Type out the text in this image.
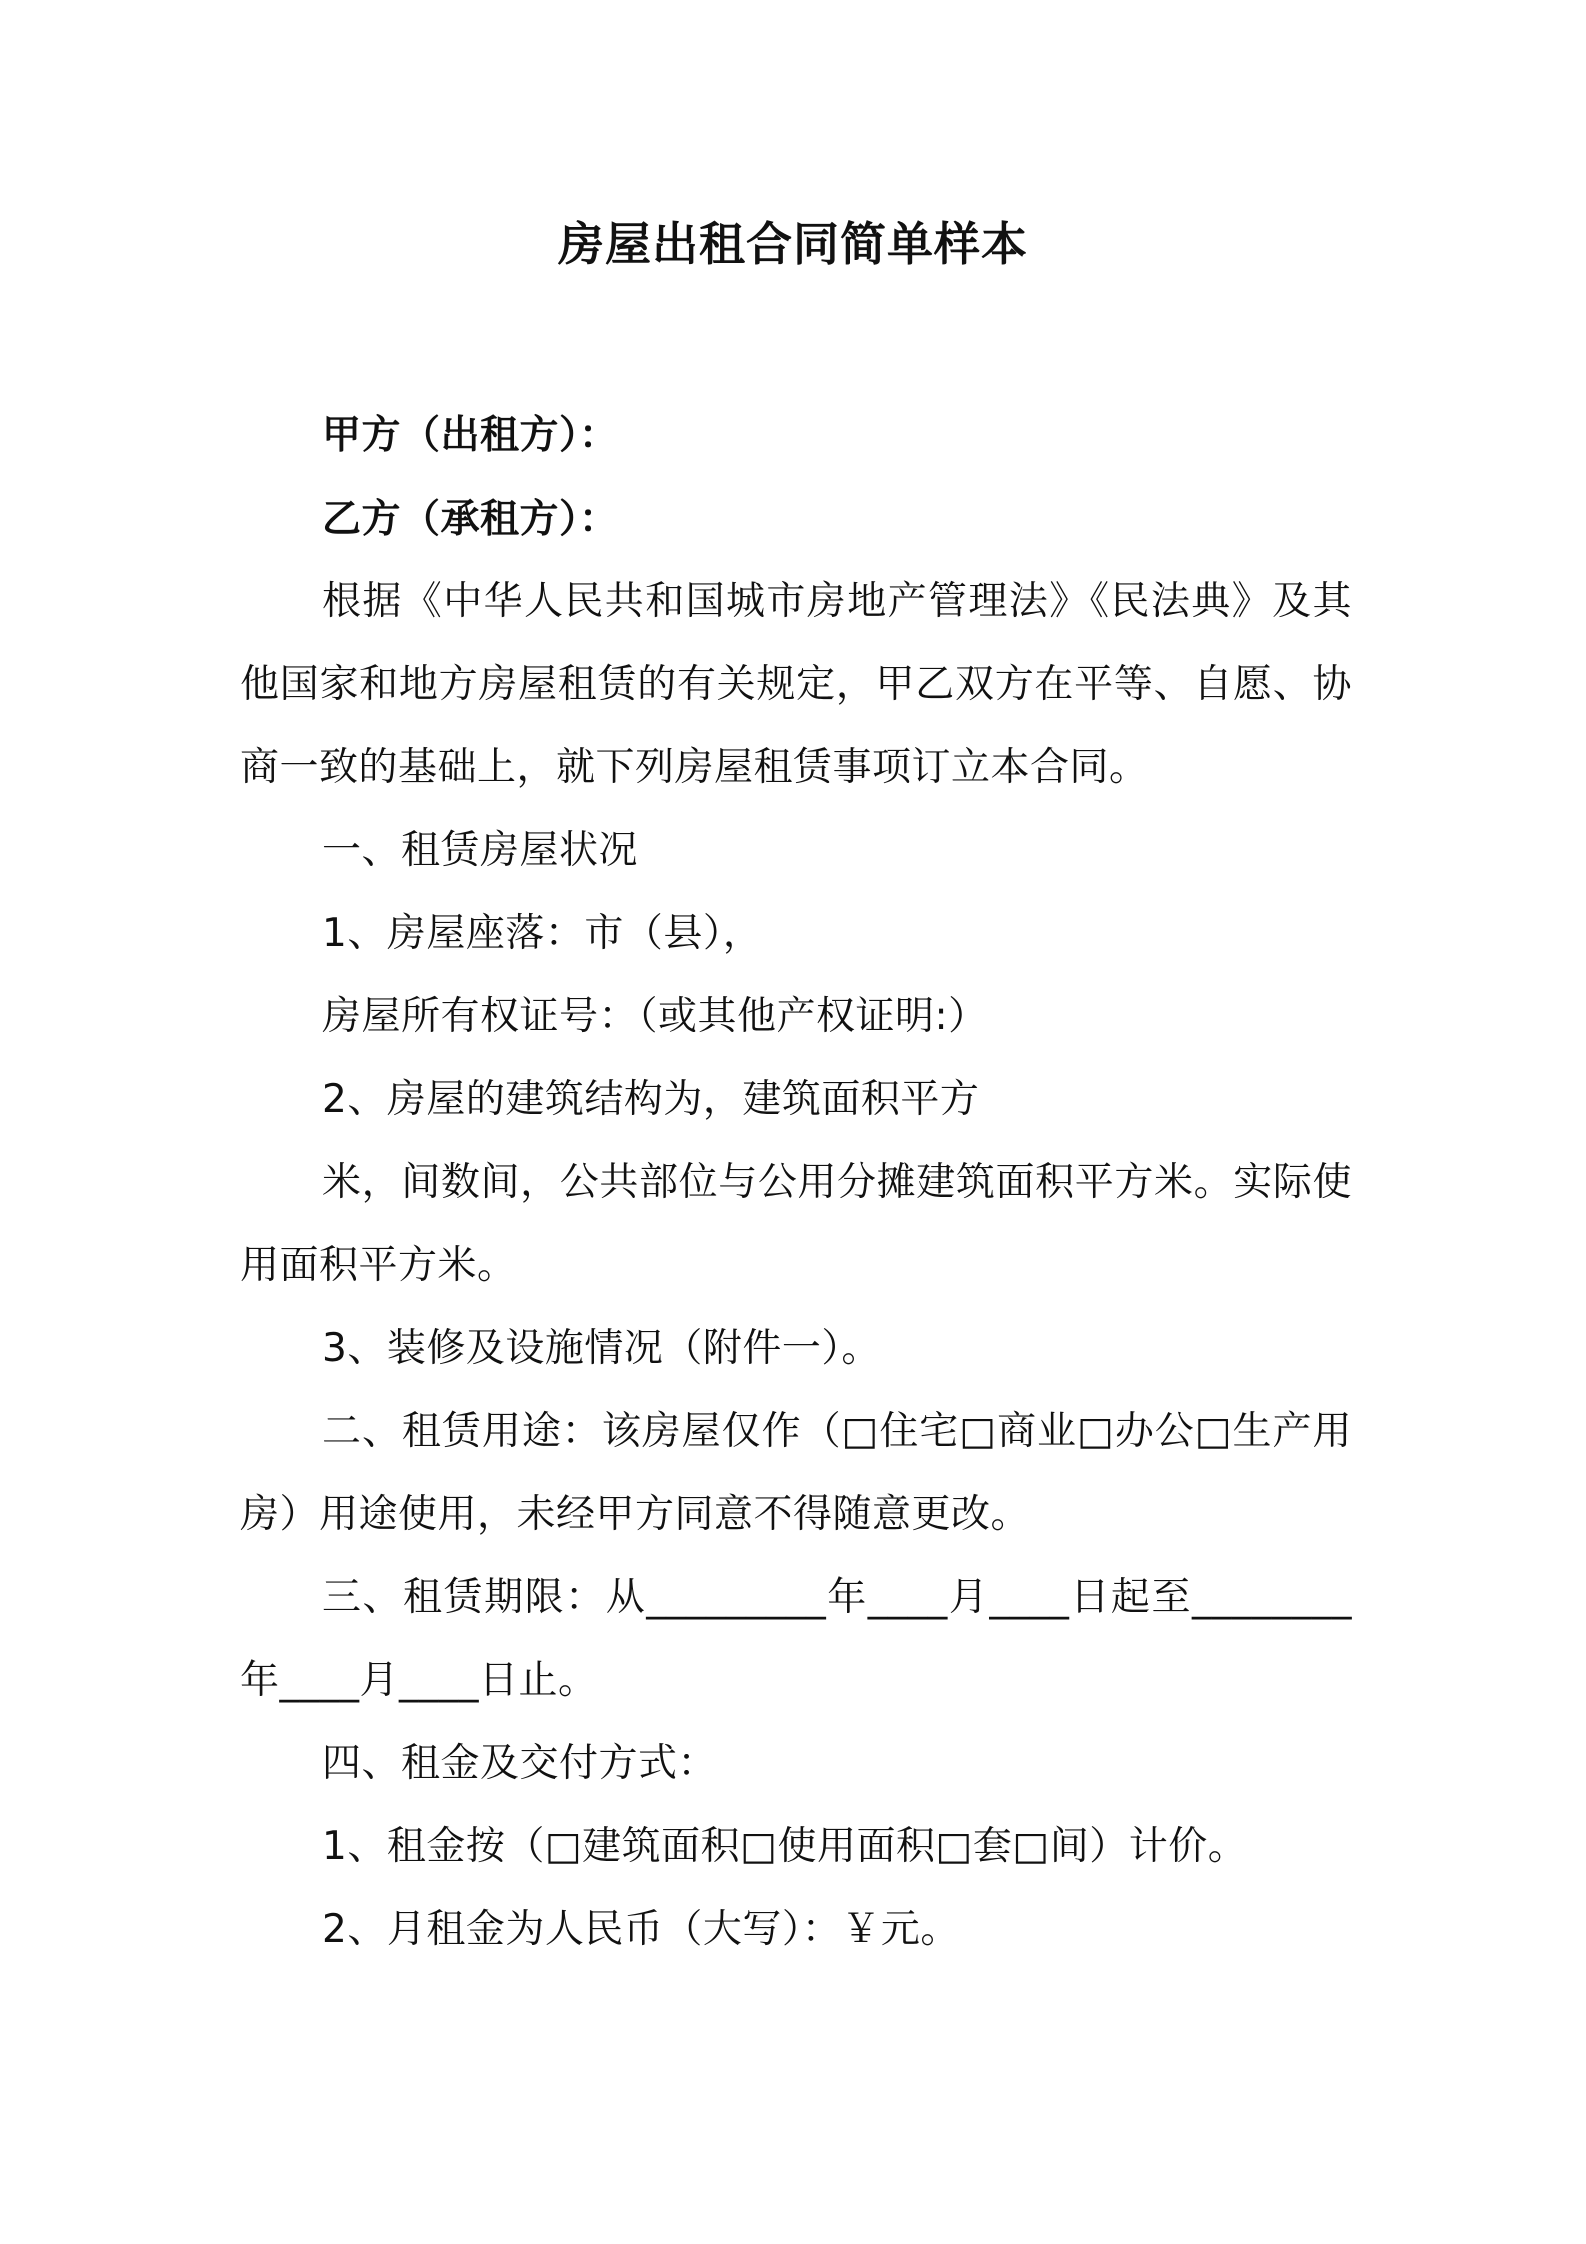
房屋出租合同简单样本
甲方（出租方）：
乙方（承租方）：
根据《中华人民共和国城市房地产管理法》《民法典》及其
他国家和地方房屋租赁的有关规定，甲乙双方在平等、自愿、协
商一致的基础上，就下列房屋租赁事项订立本合同。
一、租赁房屋状况
1、房屋座落：市（县），
房屋所有权证号：（或其他产权证明:）
2、房屋的建筑结构为，建筑面积平方
米，间数间，公共部位与公用分摊建筑面积平方米。实际使
用面积平方米。
3、装修及设施情况（附件一）。
二、租赁用途：该房屋仅作（□住宅□商业□办公□生产用
房）用途使用，未经甲方同意不得随意更改。
三、租赁期限：从_________年____月____日起至________
年____月____日止。
四、租金及交付方式：
1、租金按（□建筑面积□使用面积□套□间）计价。
2、月租金为人民币（大写）：￥元。
